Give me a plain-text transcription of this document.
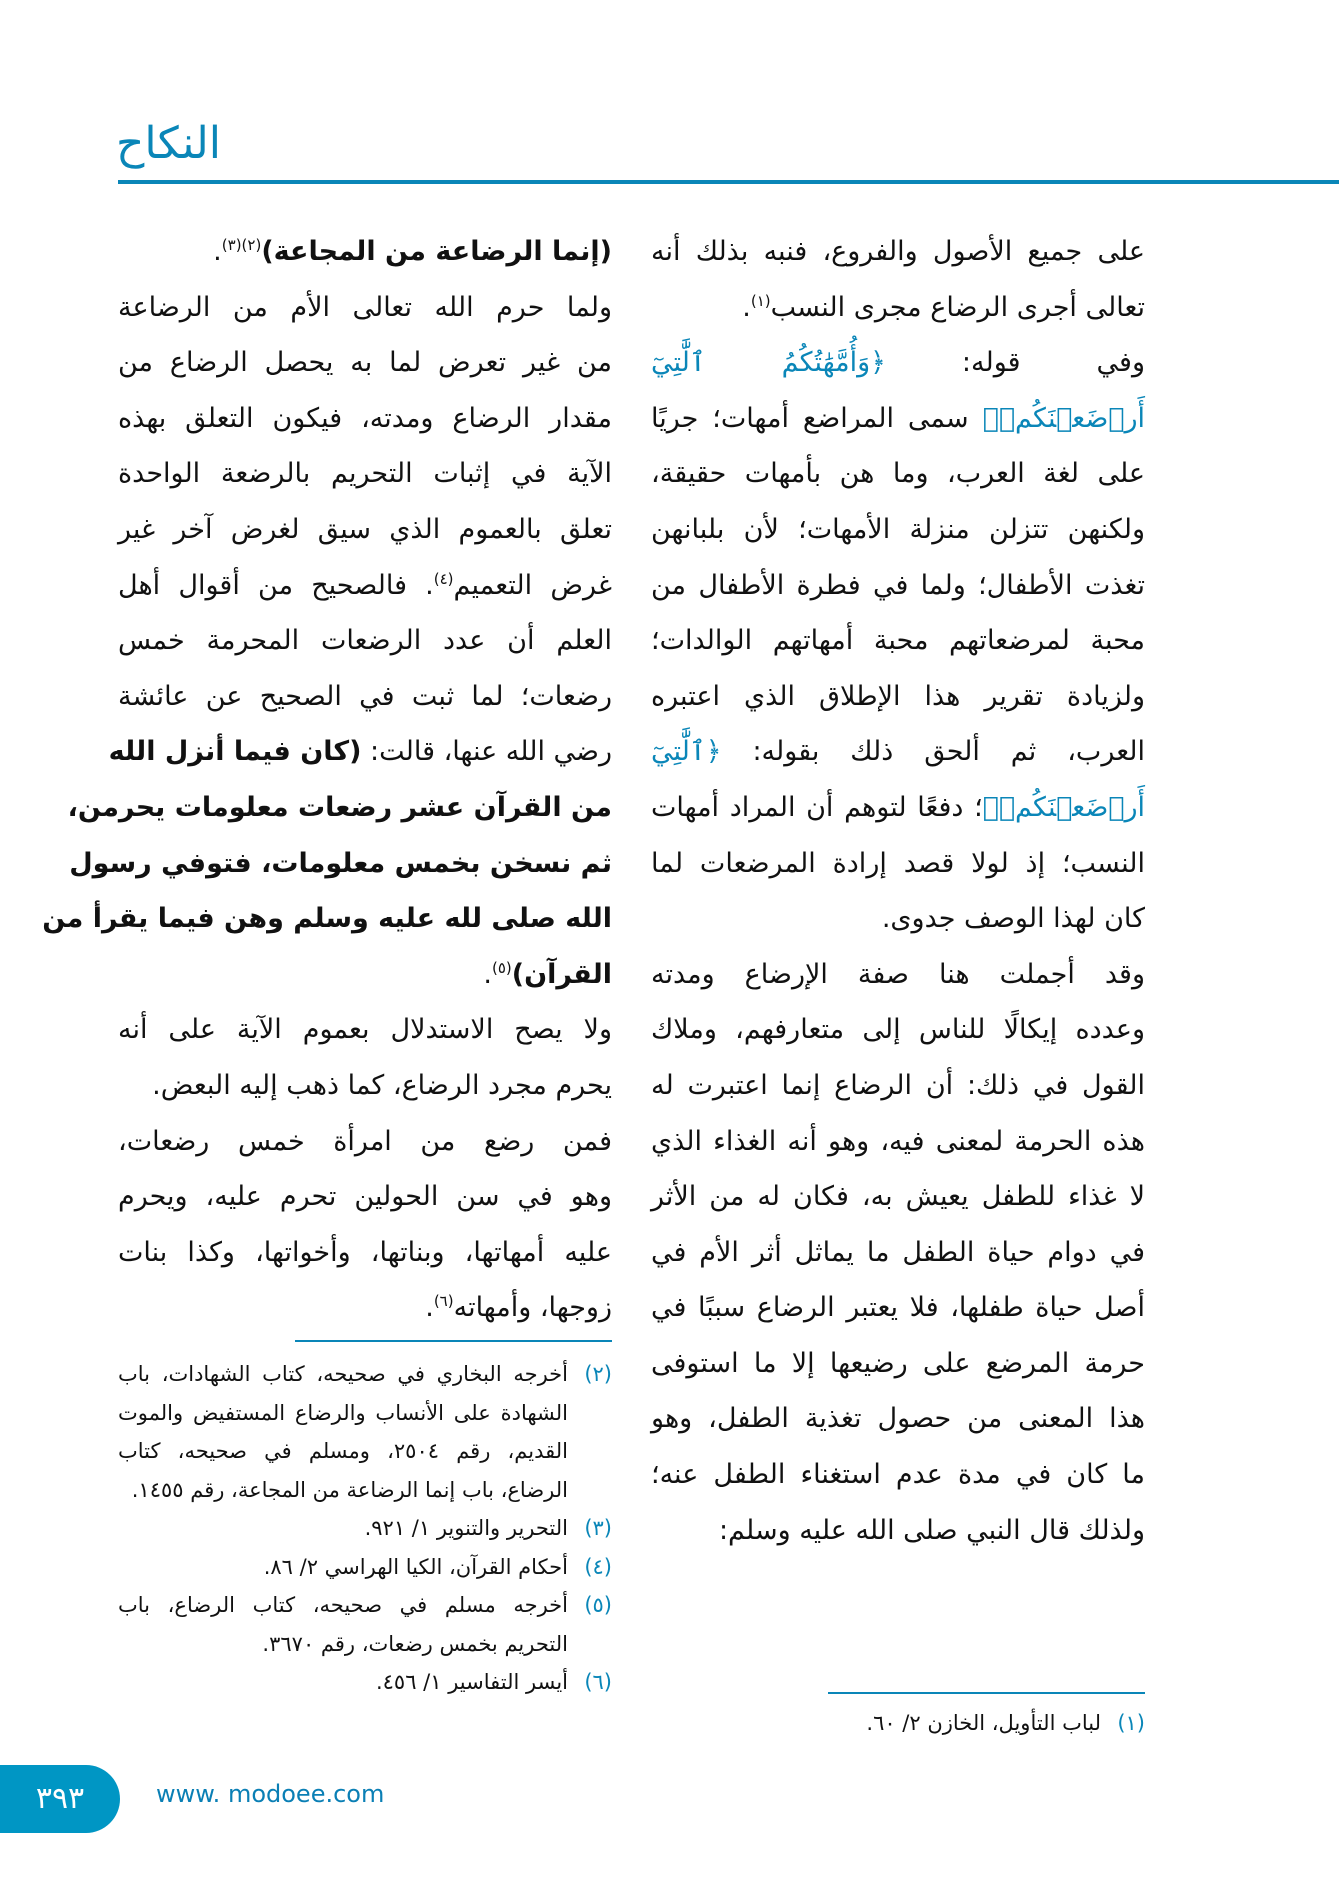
النكاح
على جميع الأصول والفروع، فنبه بذلك أنه
تعالى أجرى الرضاع مجرى النسب$^{(١)}$.
وفي قوله: ﴿وَأُمَّهَٰتُكُمُ ٱلَّٰتِيٓ
أَرۡضَعۡنَكُمۡ﴾ سمى المراضع أمهات؛ جريًا
على لغة العرب، وما هن بأمهات حقيقة،
ولكنهن تتزلن منزلة الأمهات؛ لأن بلبانهن
تغذت الأطفال؛ ولما في فطرة الأطفال من
محبة لمرضعاتهم محبة أمهاتهم الوالدات؛
ولزيادة تقرير هذا الإطلاق الذي اعتبره
العرب، ثم ألحق ذلك بقوله: ﴿ٱلَّٰتِيٓ
أَرۡضَعۡنَكُمۡ﴾؛ دفعًا لتوهم أن المراد أمهات
النسب؛ إذ لولا قصد إرادة المرضعات لما
كان لهذا الوصف جدوى.
وقد أجملت هنا صفة الإرضاع ومدته
وعدده إيكالًا للناس إلى متعارفهم، وملاك
القول في ذلك: أن الرضاع إنما اعتبرت له
هذه الحرمة لمعنى فيه، وهو أنه الغذاء الذي
لا غذاء للطفل يعيش به، فكان له من الأثر
في دوام حياة الطفل ما يماثل أثر الأم في
أصل حياة طفلها، فلا يعتبر الرضاع سببًا في
حرمة المرضع على رضيعها إلا ما استوفى
هذا المعنى من حصول تغذية الطفل، وهو
ما كان في مدة عدم استغناء الطفل عنه؛
ولذلك قال النبي صلى الله عليه وسلم:
(إنما الرضاعة من المجاعة)$^{(٢)(٣)}$.
ولما حرم الله تعالى الأم من الرضاعة
من غير تعرض لما به يحصل الرضاع من
مقدار الرضاع ومدته، فيكون التعلق بهذه
الآية في إثبات التحريم بالرضعة الواحدة
تعلق بالعموم الذي سيق لغرض آخر غير
غرض التعميم$^{(٤)}$. فالصحيح من أقوال أهل
العلم أن عدد الرضعات المحرمة خمس
رضعات؛ لما ثبت في الصحيح عن عائشة
رضي الله عنها، قالت: (كان فيما أنزل الله
من القرآن عشر رضعات معلومات يحرمن،
ثم نسخن بخمس معلومات، فتوفي رسول
الله صلى لله عليه وسلم وهن فيما يقرأ من
القرآن)$^{(٥)}$.
ولا يصح الاستدلال بعموم الآية على أنه
يحرم مجرد الرضاع، كما ذهب إليه البعض.
فمن رضع من امرأة خمس رضعات،
وهو في سن الحولين تحرم عليه، ويحرم
عليه أمهاتها، وبناتها، وأخواتها، وكذا بنات
زوجها، وأمهاته$^{(٦)}$.
(٢)
أخرجه البخاري في صحيحه، كتاب الشهادات، باب الشهادة على الأنساب والرضاع المستفيض والموت القديم، رقم ٢٥٠٤، ومسلم في صحيحه، كتاب الرضاع، باب إنما الرضاعة من المجاعة، رقم ١٤٥٥.
(٣)
التحرير والتنوير ١/ ٩٢١.
(٤)
أحكام القرآن، الكيا الهراسي ٢/ ٨٦.
(٥)
أخرجه مسلم في صحيحه، كتاب الرضاع، باب التحريم بخمس رضعات، رقم ٣٦٧٠.
(٦)
أيسر التفاسير ١/ ٤٥٦.
(١)
لباب التأويل، الخازن ٢/ ٦٠.
٣٩٣	www. modoee.com
